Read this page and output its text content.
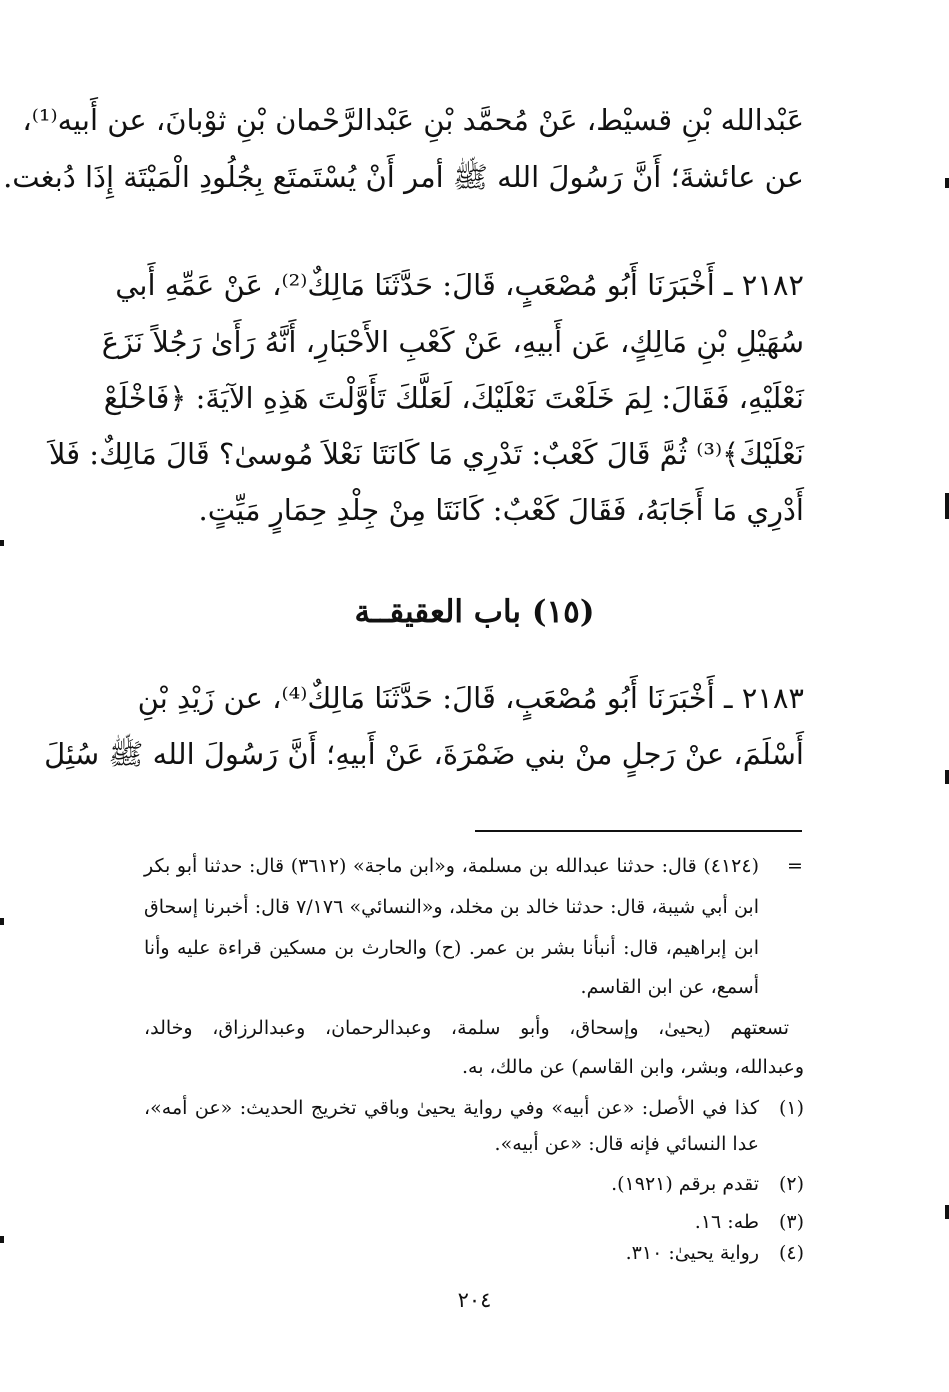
عَبْدالله بْنِ قسيْط، عَنْ مُحمَّد بْنِ عَبْدالرَّحْمان بْنِ ثوْبانَ، عن أَبيه⁽¹⁾،
عن عائشةَ؛ أَنَّ رَسُولَ الله ﷺ أمر أَنْ يُسْتَمتَع بِجُلُودِ الْمَيْتَة إِذَا دُبغت.
٢١٨٢ ـ أَخْبَرَنَا أَبُو مُصْعَبٍ، قَالَ: حَدَّثَنَا مَالِكٌ⁽²⁾، عَنْ عَمِّهِ أَبي
سُهَيْلِ بْنِ مَالِكٍ، عَن أَبيهِ، عَنْ كَعْبِ الأَحْبَارِ، أَنَّهُ رَأَىٰ رَجُلاً نَزَعَ
نَعْلَيْهِ، فَقَالَ: لِمَ خَلَعْتَ نَعْلَيْكَ، لَعَلَّكَ تَأَوَّلْتَ هَذِهِ الآيَةَ: ﴿فَاخْلَعْ
نَعْلَيْكَ﴾⁽³⁾ ثُمَّ قَالَ كَعْبٌ: تَدْرِي مَا كَانَتَا نَعْلاَ مُوسىٰ؟ قَالَ مَالِكٌ: فَلاَ
أَدْرِي مَا أَجَابَهُ، فَقَالَ كَعْبٌ: كَانَتَا مِنْ جِلْدِ حِمَارٍ مَيِّتٍ.
(١٥) باب العقيقــة
٢١٨٣ ـ أَخْبَرَنَا أَبُو مُصْعَبٍ، قَالَ: حَدَّثَنَا مَالِكٌ⁽⁴⁾، عن زَيْدِ بْنِ
أَسْلَمَ، عنْ رَجلٍ منْ بني ضَمْرَةَ، عَنْ أَبيهِ؛ أَنَّ رَسُولَ الله ﷺ سُئِلَ
=
(٤١٢٤) قال: حدثنا عبدالله بن مسلمة، و«ابن ماجة» (٣٦١٢) قال: حدثنا أبو بكر
ابن أبي شيبة، قال: حدثنا خالد بن مخلد، و«النسائي» ٧/١٧٦ قال: أخبرنا إسحاق
ابن إبراهيم، قال: أنبأنا بشر بن عمر. (ح) والحارث بن مسكين قراءة عليه وأنا
أسمع، عن ابن القاسم.
تسعتهم (يحيىٰ، وإسحاق، وأبو سلمة، وعبدالرحمان، وعبدالرزاق، وخالد،
وعبدالله، وبشر، وابن القاسم) عن مالك، به.
(١)
كذا في الأصل: «عن أبيه» وفي رواية يحيىٰ وباقي تخريج الحديث: «عن أمه»،
عدا النسائي فإنه قال: «عن أبيه».
(٢)
تقدم برقم (١٩٢١).
(٣)
طه: ١٦.
(٤)
رواية يحيىٰ: ٣١٠.
٢٠٤
